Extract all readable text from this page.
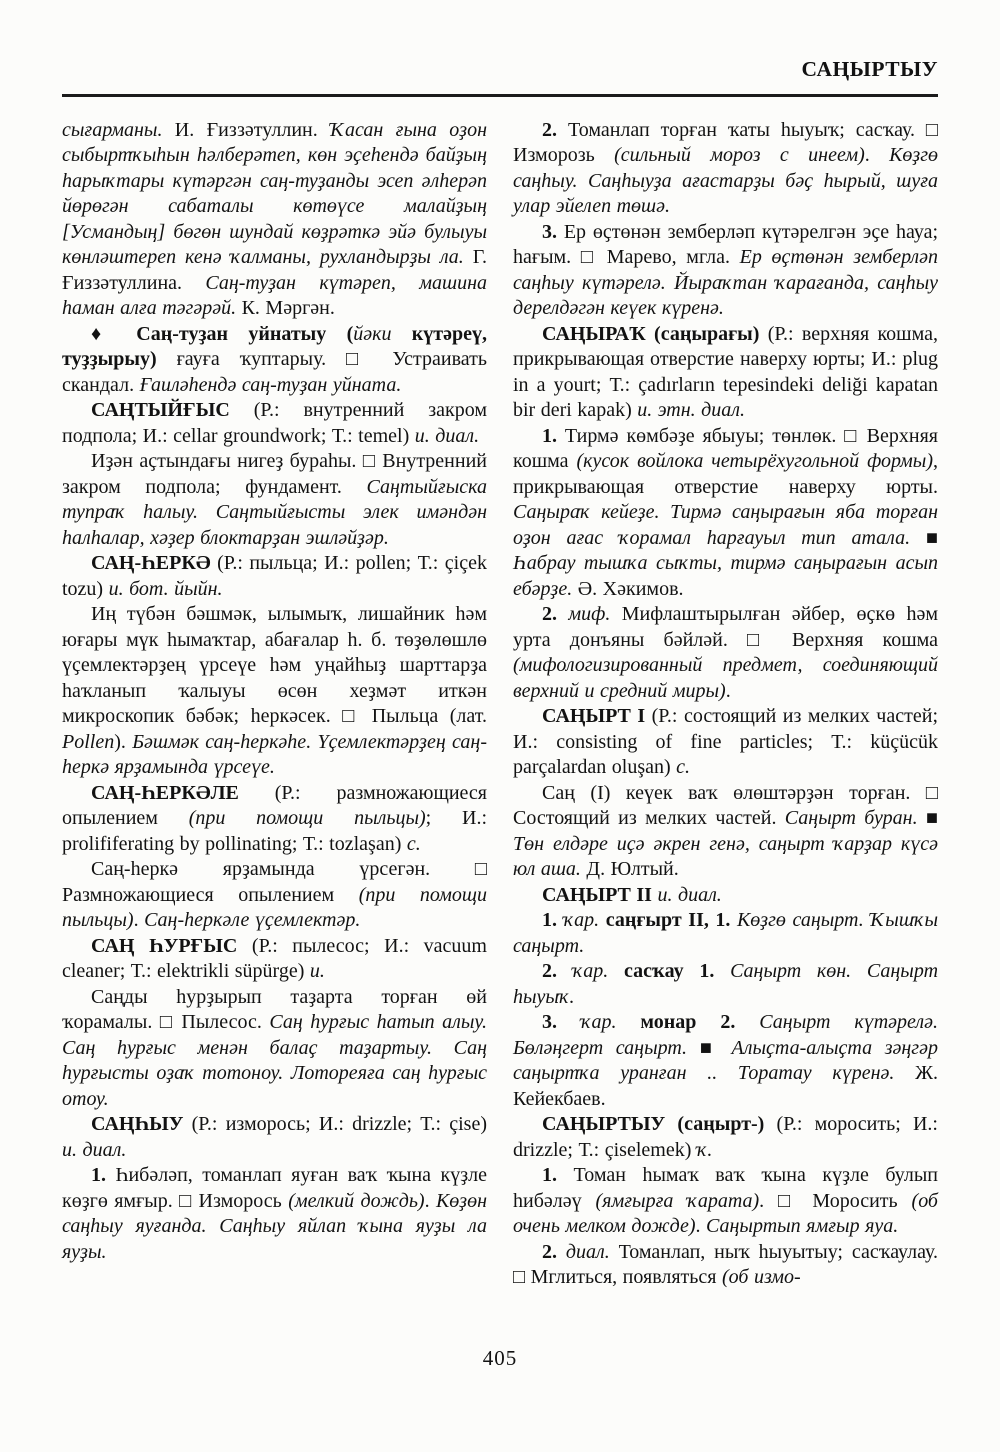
САҢЫРТЫУ

сығарманы. И. Ғиззәтуллин. Ҡасан ғына оҙон сыбыртҡыһын һәлберәтеп, көн эҫеһендә байҙың һарыҡтары күтәргән саң-туҙанды эсеп әлһерәп йөрөгән сабаталы көтөүсе малайҙың [Усмандың] бөгөн шундай көҙрәткә эйә булыуы көнләштереп кенә ҡалманы, рухландырҙы ла. Г. Ғиззәтуллина. Саң-туҙан күтәреп, машина һаман алға тәгәрәй. К. Мәргән.

♦ Саң-туҙан уйнатыу (йәки күтәреү, туҙҙырыу) ғауға ҡуптарыу. □ Устраивать скандал. Ғаиләһендә саң-туҙан уйната.

САҢТЫЙҒЫС (Р.: внутренний закром подпола; И.: cellar groundwork; Т.: temel) и. диал.

Иҙән аҫтындағы нигеҙ бураһы. □ Внутренний закром подпола; фундамент. Саңтыйғыска тупраҡ һалыу. Саңтыйғысты элек имәндән һалһалар, хәҙер блоктарҙан эшләйҙәр.

САҢ-ҺЕРКӘ (Р.: пыльца; И.: pollen; Т.: çiçek tozu) и. бот. йыйн.

Иң түбән бәшмәк, ылымыҡ, лишайник һәм юғары мүк һымаҡтар, абағалар һ. б. төҙөлөшлө үҫемлектәрҙең үрсеүе һәм уңайһыҙ шарттарҙа һаҡланып ҡалыуы өсөн хеҙмәт иткән микроскопик бәбәк; һеркәсек. □ Пыльца (лат. Pollen). Бәшмәк саң-һеркәһе. Үҫемлектәрҙең саң-һеркә ярҙамында үрсеүе.

САҢ-ҺЕРКӘЛЕ (Р.: размножающиеся опылением (при помощи пыльцы); И.: prolififerating by pollinating; Т.: tozlaşan) с.

Саң-һеркә ярҙамында үрсегән. □ Размножающиеся опылением (при помощи пыльцы). Саң-һеркәле үҫемлектәр.

САҢ ҺУРҒЫС (Р.: пылесос; И.: vacuum cleaner; Т.: elektrikli süpürge) и.

Саңды һурҙырып таҙарта торған өй ҡорамалы. □ Пылесос. Саң һурғыс һатып алыу. Саң һурғыс менән балаҫ таҙартыу. Саң һурғысты оҙаҡ тотоноу. Лотореяға саң һурғыс отоу.

САҢҺЫУ (Р.: изморось; И.: drizzle; Т.: çise) и. диал.

1. Һибәләп, томанлап яуған ваҡ ҡына күҙле көҙгө ямғыр. □ Изморось (мелкий дождь). Көҙөн саңһыу яуғанда. Саңһыу яйлап ҡына яуҙы ла яуҙы.

2. Томанлап торған ҡаты һыуыҡ; сасҡау. □ Изморозь (сильный мороз с инеем). Көҙгө саңһыу. Саңһыуҙа ағастарҙы бәҫ һырый, шуға улар эйелеп төшә.

3. Ер өҫтөнән земберләп күтәрелгән эҫе һауа; һағым. □ Марево, мгла. Ер өҫтөнән земберләп саңһыу күтәрелә. Йыраҡтан ҡарағанда, саңһыу дерелдәгән кеүек күренә.

САҢЫРАҠ (саңырағы) (Р.: верхняя кошма, прикрывающая отверстие наверху юрты; И.: plug in a yourt; Т.: çadırların tepesindeki deliği kapatan bir deri kapak) и. этн. диал.

1. Тирмә көмбәҙе ябыуы; төнлөк. □ Верхняя кошма (кусок войлока четырёхугольной формы), прикрывающая отверстие наверху юрты. Саңыраҡ кейеҙе. Тирмә саңырағын яба торған оҙон ағас ҡорамал һарғауыл тип атала. ■ Һабрау тышҡа сыҡты, тирмә саңырағын асып ебәрҙе. Ә. Хәкимов.

2. миф. Мифлаштырылған әйбер, өҫкө һәм урта донъяны бәйләй. □ Верхняя кошма (мифологизированный предмет, соединяющий верхний и средний миры).

САҢЫРТ I (Р.: состоящий из мелких частей; И.: consisting of fine particles; Т.: küçücük parçalardan oluşan) с.

Саң (I) кеүек ваҡ өлөштәрҙән торған. □ Состоящий из мелких частей. Саңырт буран. ■ Төн елдәре иҫә әкрен генә, саңырт ҡарҙар күсә юл аша. Д. Юлтый.

САҢЫРТ II и. диал.

1. ҡар. саңғырт II, 1. Көҙгө саңырт. Ҡышҡы саңырт.

2. ҡар. сасҡау 1. Саңырт көн. Саңырт һыуыҡ.

3. ҡар. монар 2. Саңырт күтәрелә. Бөләңгерт саңырт. ■ Алыҫта-алыҫта зәңгәр саңыртҡа уранған .. Торатау күренә. Ж. Кейекбаев.

САҢЫРТЫУ (саңырт-) (Р.: моросить; И.: drizzle; Т.: çiselemek) ҡ.

1. Томан һымаҡ ваҡ ҡына күҙле булып һибәләү (ямғырға ҡарата). □ Моросить (об очень мелком дожде). Саңыртып ямғыр яуа.

2. диал. Томанлап, ныҡ һыуытыу; сасҡаулау. □ Мглиться, появляться (об измо-

405
